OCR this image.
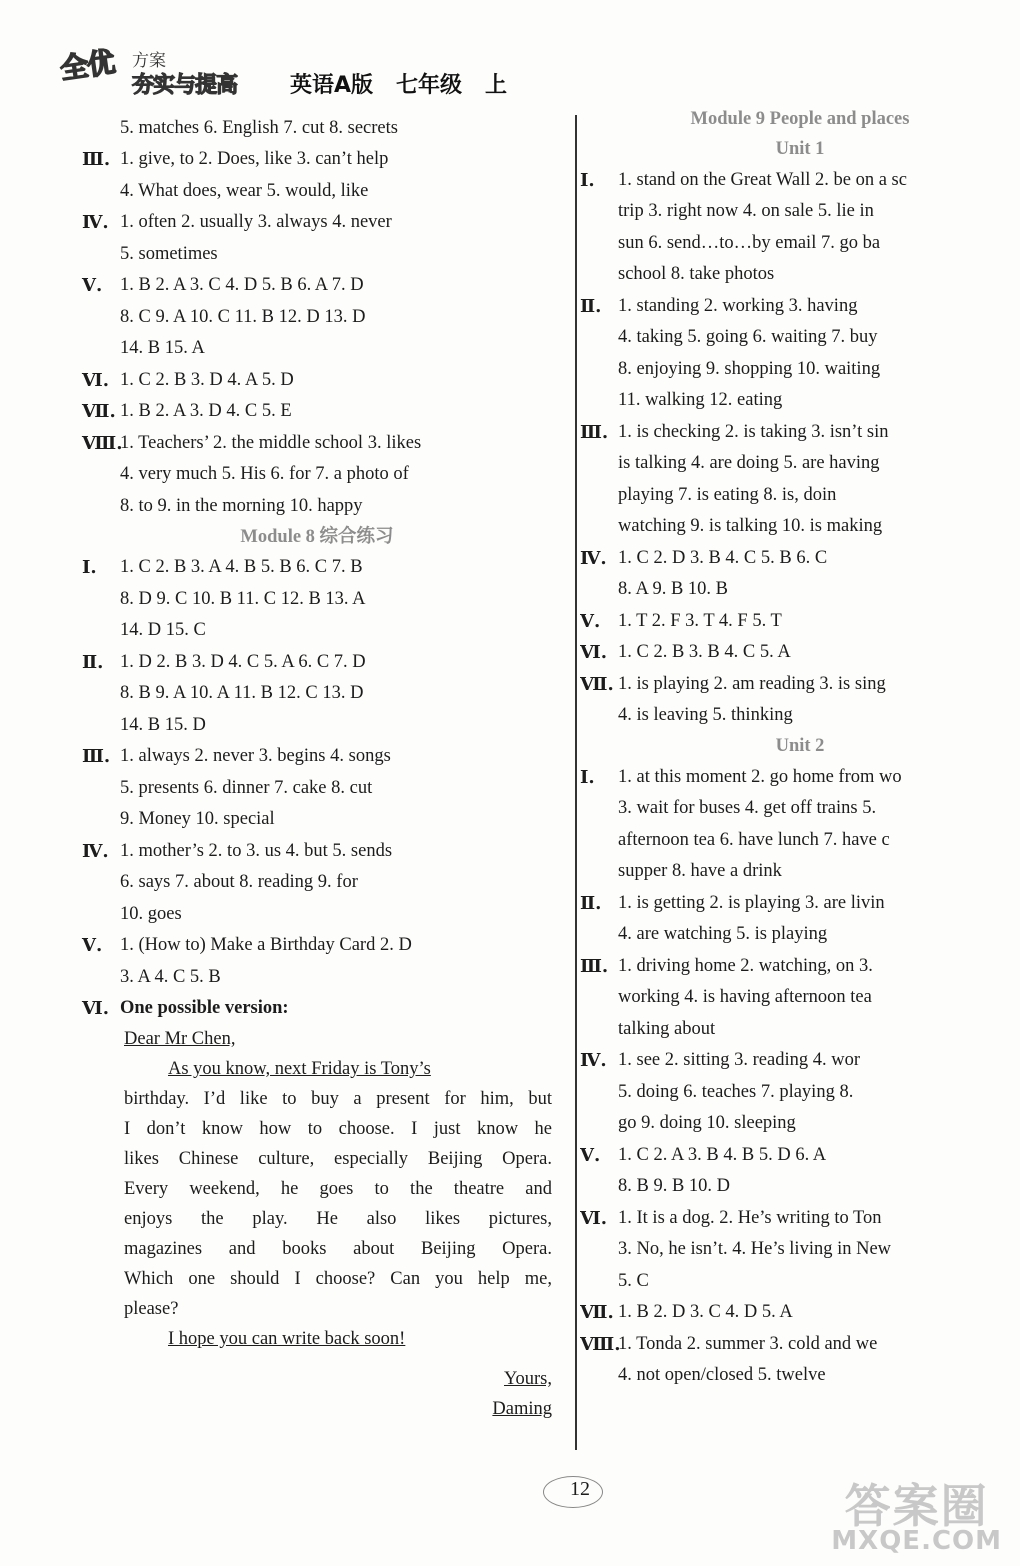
全优 方案
夯实与提高 英语A版   七年级   上
5. matches 6. English 7. cut 8. secrets
Ⅲ. 1. give, to 2. Does, like 3. can’t help
4. What does, wear 5. would, like
Ⅳ. 1. often 2. usually 3. always 4. never
5. sometimes
Ⅴ. 1. B 2. A 3. C 4. D 5. B 6. A 7. D
8. C 9. A 10. C 11. B 12. D 13. D
14. B 15. A
Ⅵ. 1. C 2. B 3. D 4. A 5. D
Ⅶ. 1. B 2. A 3. D 4. C 5. E
Ⅷ.
1. Teachers’ 2. the middle school 3. likes
4. very much 5. His 6. for 7. a photo of
8. to 9. in the morning 10. happy
Module 8 综合练习
Ⅰ.	1. C 2. B 3. A 4. B 5. B 6. C 7. B
8. D 9. C 10. B 11. C 12. B 13. A
14. D 15. C
Ⅱ. 1. D 2. B 3. D 4. C 5. A 6. C 7. D
8. B 9. A 10. A 11. B 12. C 13. D
14. B 15. D
Ⅲ. 1. always 2. never 3. begins 4. songs
5. presents 6. dinner 7. cake 8. cut
9. Money 10. special
Ⅳ. 1. mother’s 2. to 3. us 4. but 5. sends
6. says 7. about 8. reading 9. for
10. goes
Ⅴ. 1. (How to) Make a Birthday Card 2. D
3. A 4. C 5. B
Ⅵ. One possible version:

Dear Mr Chen,

As you know, next Friday is Tony’s

birthday. I’d like to buy a present for him, but

I don’t know how to choose. I just know he

likes Chinese culture, especially Beijing Opera.

Every weekend, he goes to the theatre and

enjoys the play. He also likes pictures,

magazines and books about Beijing Opera.

Which one should I choose? Can you help me,

please?

I hope you can write back soon!

Yours,

Daming

Module 9 People and places
Unit 1
Ⅰ.	1. stand on the Great Wall 2. be on a sc
trip 3. right now 4. on sale 5. lie in
sun 6. send…to…by email 7. go ba
school 8. take photos
Ⅱ. 1. standing 2. working 3. having
4. taking 5. going 6. waiting 7. buy
8. enjoying 9. shopping 10. waiting
11. walking 12. eating
Ⅲ. 1. is checking 2. is taking 3. isn’t sin
is talking 4. are doing 5. are having
playing 7. is eating 8. is, doin
watching 9. is talking 10. is making
Ⅳ. 1. C 2. D 3. B 4. C 5. B 6. C
8. A 9. B 10. B
Ⅴ. 1. T 2. F 3. T 4. F 5. T
Ⅵ. 1. C 2. B 3. B 4. C 5. A
Ⅶ. 1. is playing 2. am reading 3. is sing
4. is leaving 5. thinking
Unit 2
Ⅰ.	1. at this moment 2. go home from wo
3. wait for buses 4. get off trains 5.
afternoon tea 6. have lunch 7. have c
supper 8. have a drink
Ⅱ. 1. is getting 2. is playing 3. are livin
4. are watching 5. is playing
Ⅲ. 1. driving home 2. watching, on 3.
working 4. is having afternoon tea
talking about
Ⅳ. 1. see 2. sitting 3. reading 4. wor
5. doing 6. teaches 7. playing 8.
go 9. doing 10. sleeping
Ⅴ. 1. C 2. A 3. B 4. B 5. D 6. A
8. B 9. B 10. D
Ⅵ. 1. It is a dog. 2. He’s writing to Ton
3. No, he isn’t. 4. He’s living in New
5. C
Ⅶ. 1. B 2. D 3. C 4. D 5. A
Ⅷ.
1. Tonda 2. summer 3. cold and we
4. not open/closed 5. twelve
12	答案圈
MXQE.COM
